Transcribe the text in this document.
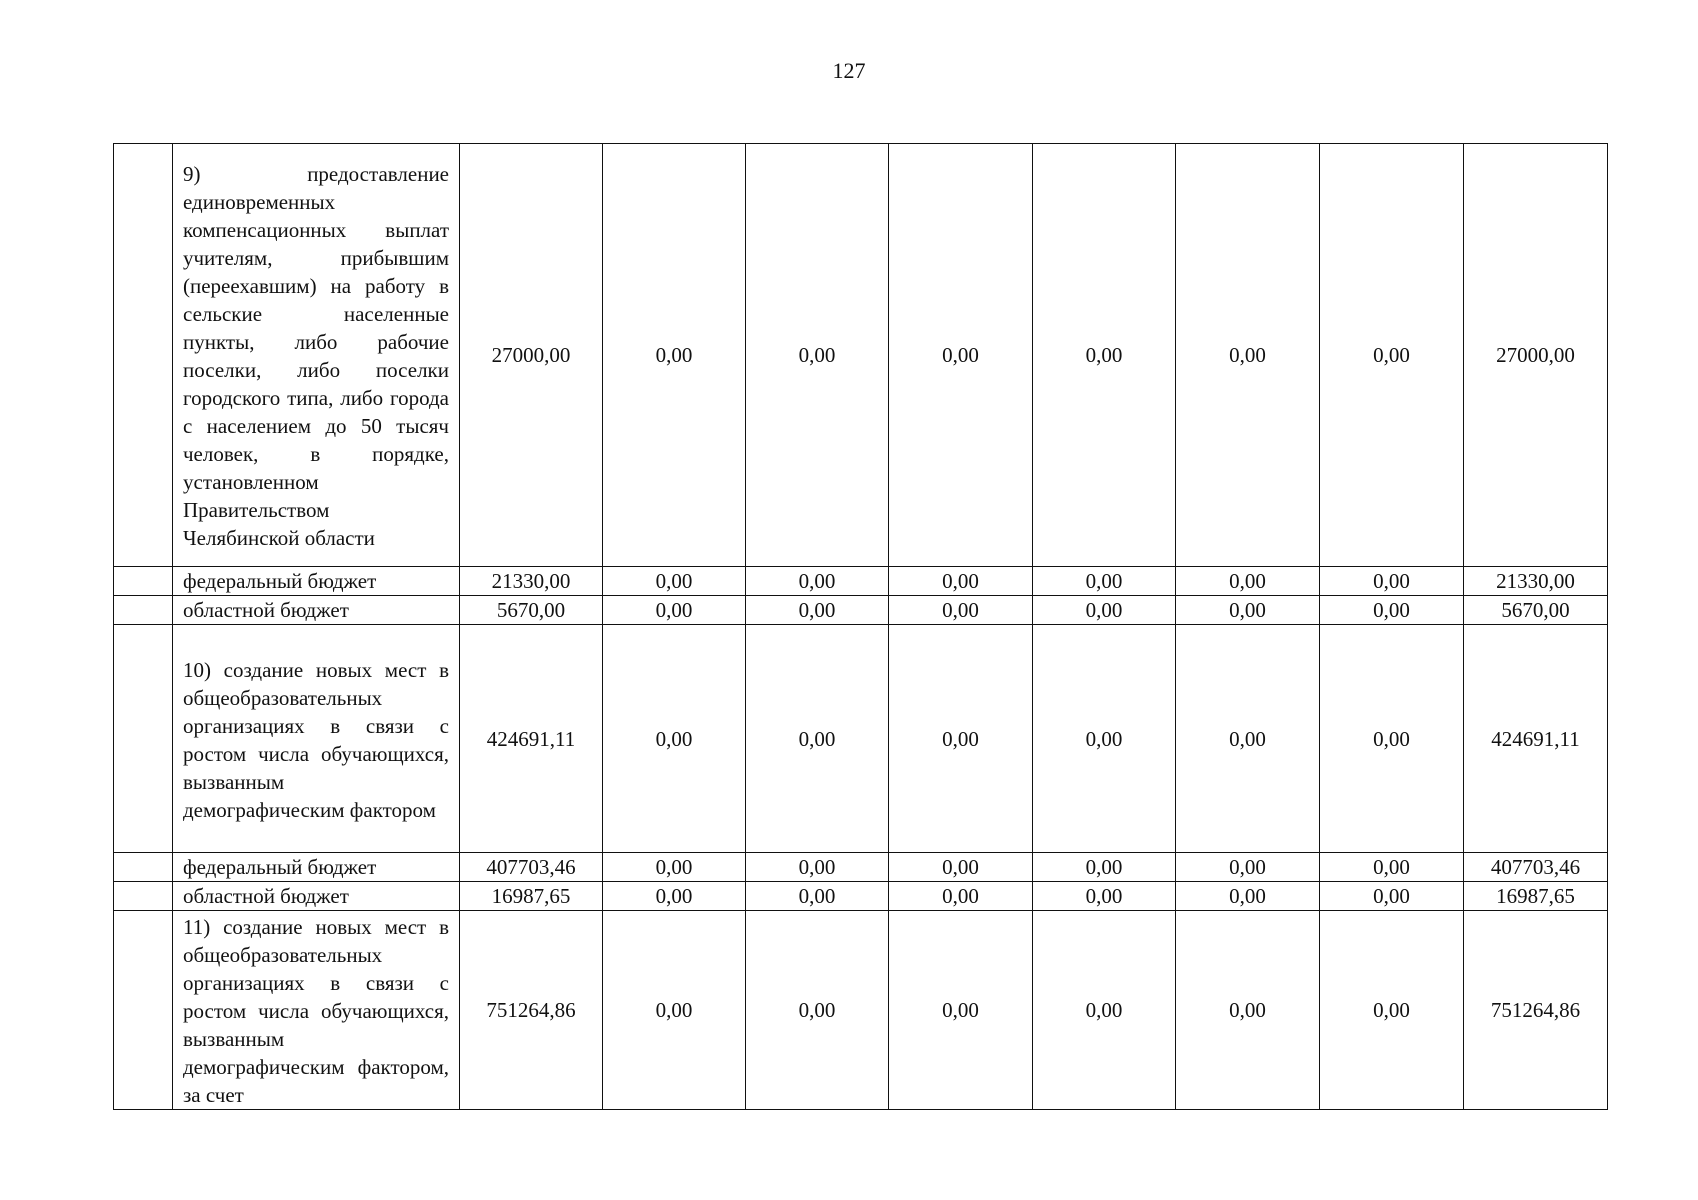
127

	9) предоставление единовременных компенсационных выплат учителям, прибывшим (переехавшим) на работу в сельские населенные пункты, либо рабочие поселки, либо поселки городского типа, либо города с населением до 50 тысяч человек, в порядке, установленном Правительством Челябинской области	27000,00	0,00	0,00	0,00	0,00	0,00	0,00	27000,00
	федеральный бюджет	21330,00	0,00	0,00	0,00	0,00	0,00	0,00	21330,00
	областной бюджет	5670,00	0,00	0,00	0,00	0,00	0,00	0,00	5670,00

	10) создание новых мест в общеобразовательных организациях в связи с ростом числа обучающихся, вызванным демографическим фактором	424691,11	0,00	0,00	0,00	0,00	0,00	0,00	424691,11
	федеральный бюджет	407703,46	0,00	0,00	0,00	0,00	0,00	0,00	407703,46
	областной бюджет	16987,65	0,00	0,00	0,00	0,00	0,00	0,00	16987,65

	11) создание новых мест в общеобразовательных организациях в связи с ростом числа обучающихся, вызванным демографическим фактором, за счет	751264,86	0,00	0,00	0,00	0,00	0,00	0,00	751264,86
